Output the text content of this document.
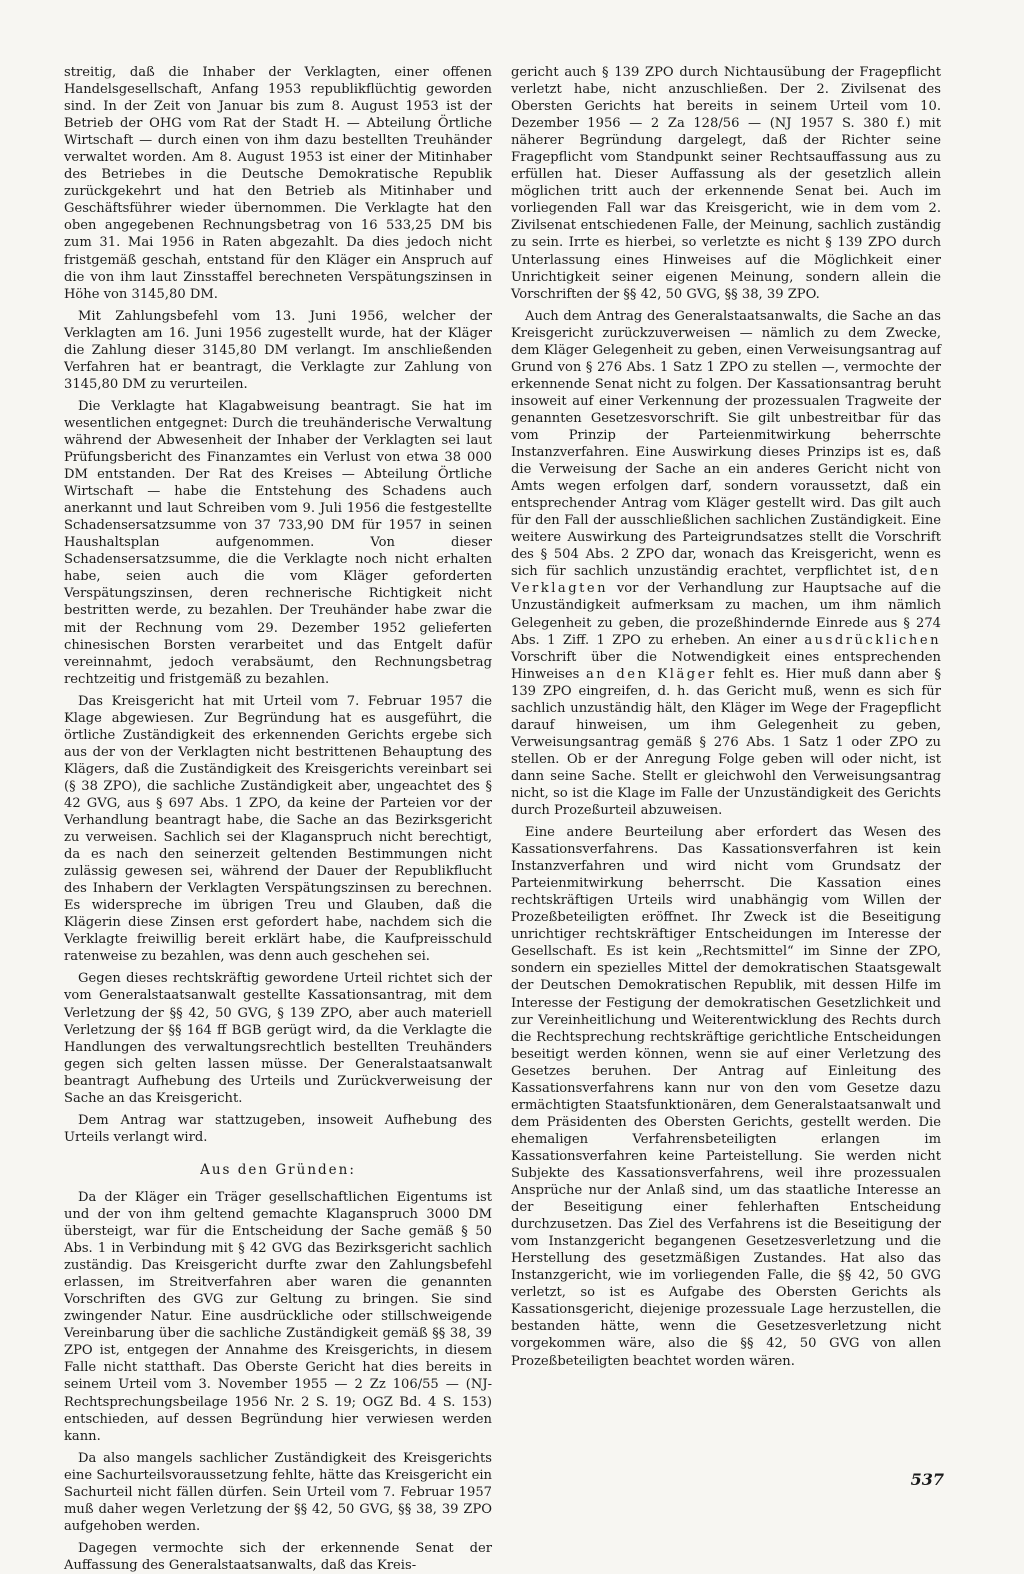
streitig, daß die Inhaber der Verklagten, einer offenen Handelsgesellschaft, Anfang 1953 republikflüchtig geworden sind. In der Zeit von Januar bis zum 8. August 1953 ist der Betrieb der OHG vom Rat der Stadt H. — Abteilung Örtliche Wirtschaft — durch einen von ihm dazu bestellten Treuhänder verwaltet worden. Am 8. August 1953 ist einer der Mitinhaber des Betriebes in die Deutsche Demokratische Republik zurückgekehrt und hat den Betrieb als Mitinhaber und Geschäftsführer wieder übernommen. Die Verklagte hat den oben angegebenen Rechnungsbetrag von 16 533,25 DM bis zum 31. Mai 1956 in Raten abgezahlt. Da dies jedoch nicht fristgemäß geschah, entstand für den Kläger ein Anspruch auf die von ihm laut Zinsstaffel berechneten Verspätungszinsen in Höhe von 3145,80 DM.

Mit Zahlungsbefehl vom 13. Juni 1956, welcher der Verklagten am 16. Juni 1956 zugestellt wurde, hat der Kläger die Zahlung dieser 3145,80 DM verlangt. Im anschließenden Verfahren hat er beantragt, die Verklagte zur Zahlung von 3145,80 DM zu verurteilen.

Die Verklagte hat Klagabweisung beantragt. Sie hat im wesentlichen entgegnet: Durch die treuhänderische Verwaltung während der Abwesenheit der Inhaber der Verklagten sei laut Prüfungsbericht des Finanzamtes ein Verlust von etwa 38 000 DM entstanden. Der Rat des Kreises — Abteilung Örtliche Wirtschaft — habe die Entstehung des Schadens auch anerkannt und laut Schreiben vom 9. Juli 1956 die festgestellte Schadensersatzsumme von 37 733,90 DM für 1957 in seinen Haushaltsplan aufgenommen. Von dieser Schadensersatzsumme, die die Verklagte noch nicht erhalten habe, seien auch die vom Kläger geforderten Verspätungszinsen, deren rechnerische Richtigkeit nicht bestritten werde, zu bezahlen. Der Treuhänder habe zwar die mit der Rechnung vom 29. Dezember 1952 gelieferten chinesischen Borsten verarbeitet und das Entgelt dafür vereinnahmt, jedoch verabsäumt, den Rechnungsbetrag rechtzeitig und fristgemäß zu bezahlen.

Das Kreisgericht hat mit Urteil vom 7. Februar 1957 die Klage abgewiesen. Zur Begründung hat es ausgeführt, die örtliche Zuständigkeit des erkennenden Gerichts ergebe sich aus der von der Verklagten nicht bestrittenen Behauptung des Klägers, daß die Zuständigkeit des Kreisgerichts vereinbart sei (§ 38 ZPO), die sachliche Zuständigkeit aber, ungeachtet des § 42 GVG, aus § 697 Abs. 1 ZPO, da keine der Parteien vor der Verhandlung beantragt habe, die Sache an das Bezirksgericht zu verweisen. Sachlich sei der Klaganspruch nicht berechtigt, da es nach den seinerzeit geltenden Bestimmungen nicht zulässig gewesen sei, während der Dauer der Republikflucht des Inhabern der Verklagten Verspätungszinsen zu berechnen. Es widerspreche im übrigen Treu und Glauben, daß die Klägerin diese Zinsen erst gefordert habe, nachdem sich die Verklagte freiwillig bereit erklärt habe, die Kaufpreisschuld ratenweise zu bezahlen, was denn auch geschehen sei.

Gegen dieses rechtskräftig gewordene Urteil richtet sich der vom Generalstaatsanwalt gestellte Kassationsantrag, mit dem Verletzung der §§ 42, 50 GVG, § 139 ZPO, aber auch materiell Verletzung der §§ 164 ff BGB gerügt wird, da die Verklagte die Handlungen des verwaltungsrechtlich bestellten Treuhänders gegen sich gelten lassen müsse. Der Generalstaatsanwalt beantragt Aufhebung des Urteils und Zurückverweisung der Sache an das Kreisgericht.

Dem Antrag war stattzugeben, insoweit Aufhebung des Urteils verlangt wird.

Aus den Gründen:

Da der Kläger ein Träger gesellschaftlichen Eigentums ist und der von ihm geltend gemachte Klaganspruch 3000 DM übersteigt, war für die Entscheidung der Sache gemäß § 50 Abs. 1 in Verbindung mit § 42 GVG das Bezirksgericht sachlich zuständig. Das Kreisgericht durfte zwar den Zahlungsbefehl erlassen, im Streitverfahren aber waren die genannten Vorschriften des GVG zur Geltung zu bringen. Sie sind zwingender Natur. Eine ausdrückliche oder stillschweigende Vereinbarung über die sachliche Zuständigkeit gemäß §§ 38, 39 ZPO ist, entgegen der Annahme des Kreisgerichts, in diesem Falle nicht statthaft. Das Oberste Gericht hat dies bereits in seinem Urteil vom 3. November 1955 — 2 Zz 106/55 — (NJ-Rechtsprechungsbeilage 1956 Nr. 2 S. 19; OGZ Bd. 4 S. 153) entschieden, auf dessen Begründung hier verwiesen werden kann.

Da also mangels sachlicher Zuständigkeit des Kreisgerichts eine Sachurteilsvoraussetzung fehlte, hätte das Kreisgericht ein Sachurteil nicht fällen dürfen. Sein Urteil vom 7. Februar 1957 muß daher wegen Verletzung der §§ 42, 50 GVG, §§ 38, 39 ZPO aufgehoben werden.

Dagegen vermochte sich der erkennende Senat der Auffassung des Generalstaatsanwalts, daß das Kreis-

gericht auch § 139 ZPO durch Nichtausübung der Fragepflicht verletzt habe, nicht anzuschließen. Der 2. Zivilsenat des Obersten Gerichts hat bereits in seinem Urteil vom 10. Dezember 1956 — 2 Za 128/56 — (NJ 1957 S. 380 f.) mit näherer Begründung dargelegt, daß der Richter seine Fragepflicht vom Standpunkt seiner Rechtsauffassung aus zu erfüllen hat. Dieser Auffassung als der gesetzlich allein möglichen tritt auch der erkennende Senat bei. Auch im vorliegenden Fall war das Kreisgericht, wie in dem vom 2. Zivilsenat entschiedenen Falle, der Meinung, sachlich zuständig zu sein. Irrte es hierbei, so verletzte es nicht § 139 ZPO durch Unterlassung eines Hinweises auf die Möglichkeit einer Unrichtigkeit seiner eigenen Meinung, sondern allein die Vorschriften der §§ 42, 50 GVG, §§ 38, 39 ZPO.

Auch dem Antrag des Generalstaatsanwalts, die Sache an das Kreisgericht zurückzuverweisen — nämlich zu dem Zwecke, dem Kläger Gelegenheit zu geben, einen Verweisungsantrag auf Grund von § 276 Abs. 1 Satz 1 ZPO zu stellen —, vermochte der erkennende Senat nicht zu folgen. Der Kassationsantrag beruht insoweit auf einer Verkennung der prozessualen Tragweite der genannten Gesetzesvorschrift. Sie gilt unbestreitbar für das vom Prinzip der Parteienmitwirkung beherrschte Instanzverfahren. Eine Auswirkung dieses Prinzips ist es, daß die Verweisung der Sache an ein anderes Gericht nicht von Amts wegen erfolgen darf, sondern voraussetzt, daß ein entsprechender Antrag vom Kläger gestellt wird. Das gilt auch für den Fall der ausschließlichen sachlichen Zuständigkeit. Eine weitere Auswirkung des Parteigrundsatzes stellt die Vorschrift des § 504 Abs. 2 ZPO dar, wonach das Kreisgericht, wenn es sich für sachlich unzuständig erachtet, verpflichtet ist, den Verklagten vor der Verhandlung zur Hauptsache auf die Unzuständigkeit aufmerksam zu machen, um ihm nämlich Gelegenheit zu geben, die prozeßhindernde Einrede aus § 274 Abs. 1 Ziff. 1 ZPO zu erheben. An einer ausdrücklichen Vorschrift über die Notwendigkeit eines entsprechenden Hinweises an den Kläger fehlt es. Hier muß dann aber § 139 ZPO eingreifen, d. h. das Gericht muß, wenn es sich für sachlich unzuständig hält, den Kläger im Wege der Fragepflicht darauf hinweisen, um ihm Gelegenheit zu geben, Verweisungsantrag gemäß § 276 Abs. 1 Satz 1 oder ZPO zu stellen. Ob er der Anregung Folge geben will oder nicht, ist dann seine Sache. Stellt er gleichwohl den Verweisungsantrag nicht, so ist die Klage im Falle der Unzuständigkeit des Gerichts durch Prozeßurteil abzuweisen.

Eine andere Beurteilung aber erfordert das Wesen des Kassationsverfahrens. Das Kassationsverfahren ist kein Instanzverfahren und wird nicht vom Grundsatz der Parteienmitwirkung beherrscht. Die Kassation eines rechtskräftigen Urteils wird unabhängig vom Willen der Prozeßbeteiligten eröffnet. Ihr Zweck ist die Beseitigung unrichtiger rechtskräftiger Entscheidungen im Interesse der Gesellschaft. Es ist kein „Rechtsmittel“ im Sinne der ZPO, sondern ein spezielles Mittel der demokratischen Staatsgewalt der Deutschen Demokratischen Republik, mit dessen Hilfe im Interesse der Festigung der demokratischen Gesetzlichkeit und zur Vereinheitlichung und Weiterentwicklung des Rechts durch die Rechtsprechung rechtskräftige gerichtliche Entscheidungen beseitigt werden können, wenn sie auf einer Verletzung des Gesetzes beruhen. Der Antrag auf Einleitung des Kassationsverfahrens kann nur von den vom Gesetze dazu ermächtigten Staatsfunktionären, dem Generalstaatsanwalt und dem Präsidenten des Obersten Gerichts, gestellt werden. Die ehemaligen Verfahrensbeteiligten erlangen im Kassationsverfahren keine Parteistellung. Sie werden nicht Subjekte des Kassationsverfahrens, weil ihre prozessualen Ansprüche nur der Anlaß sind, um das staatliche Interesse an der Beseitigung einer fehlerhaften Entscheidung durchzusetzen. Das Ziel des Verfahrens ist die Beseitigung der vom Instanzgericht begangenen Gesetzesverletzung und die Herstellung des gesetzmäßigen Zustandes. Hat also das Instanzgericht, wie im vorliegenden Falle, die §§ 42, 50 GVG verletzt, so ist es Aufgabe des Obersten Gerichts als Kassationsgericht, diejenige prozessuale Lage herzustellen, die bestanden hätte, wenn die Gesetzesverletzung nicht vorgekommen wäre, also die §§ 42, 50 GVG von allen Prozeßbeteiligten beachtet worden wären.

537
